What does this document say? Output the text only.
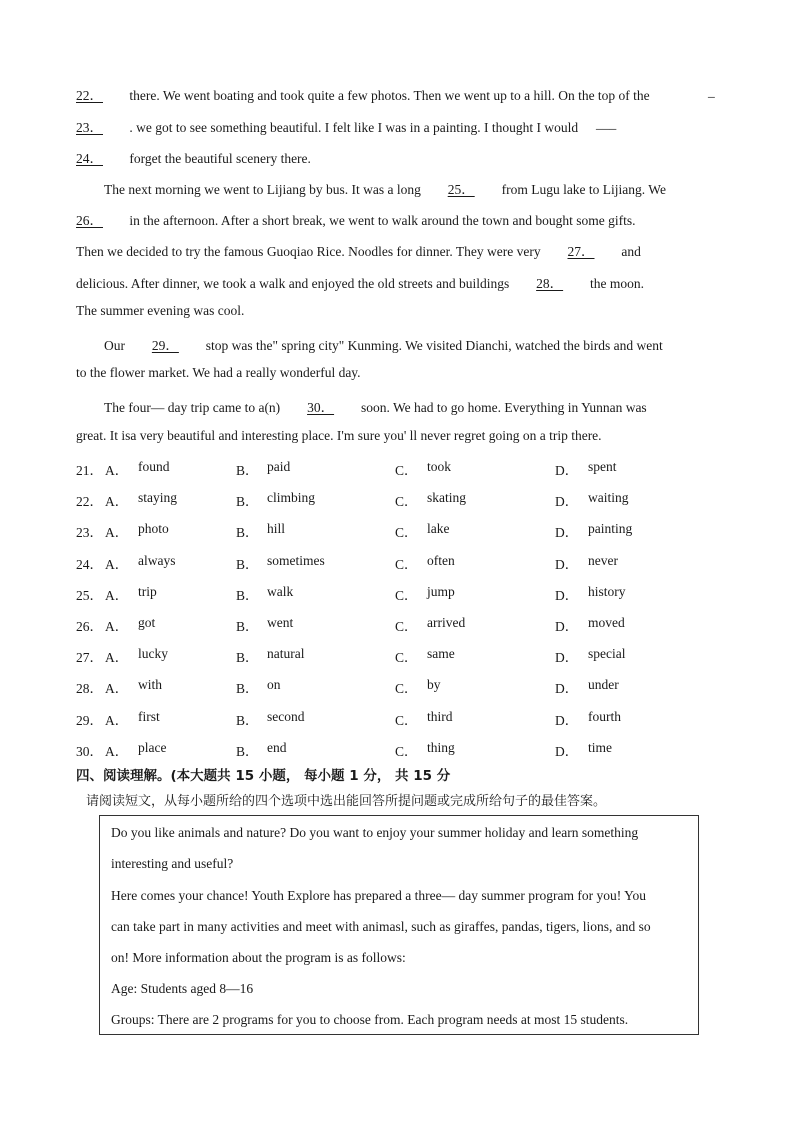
22． there. We went boating and took quite a few photos. Then we went up to a hill. On the top of the	_
23． . we got to see something beautiful. I felt like I was in a painting. I thought I would ___
24． forget the beautiful scenery there.
The next morning we went to Lijiang by bus. It was a long 25． from Lugu lake to Lijiang. We
26． in the afternoon. After a short break, we went to walk around the town and bought some gifts.
Then we decided to try the famous Guoqiao Rice. Noodles for dinner. They were very 27． and
delicious. After dinner, we took a walk and enjoyed the old streets and buildings 28． the moon.
The summer evening was cool.
Our 29． stop was the" spring city" Kunming. We visited Dianchi, watched the birds and went
to the flower market. We had a really wonderful day.
The four— day trip came to a(n) 30． soon. We had to go home. Everything in Yunnan was
great. It isa very beautiful and interesting place. I'm sure you' ll never regret going on a trip there.
21． A． found	B． paid	C． took	D． spent
22． A． staying	B． climbing	C． skating	D． waiting
23． A． photo	B． hill	C． lake	D． painting
24． A． always	B． sometimes	C． often	D． never
25． A． trip	B． walk	C． jump	D． history
26． A． got	B． went	C． arrived	D． moved
27． A． lucky	B． natural	C． same	D． special
28． A． with	B． on	C． by	D． under
29． A． first	B． second	C． third	D． fourth
30． A． place	B． end	C． thing	D． time
四、阅读理解。(本大题共 15 小题， 每小题 1 分， 共 15 分
请阅读短文，从每小题所给的四个选项中选出能回答所提问题或完成所给句子的最佳答案。
Do you like animals and nature? Do you want to enjoy your summer holiday and learn something
interesting and useful?
Here comes your chance! Youth Explore has prepared a three— day summer program for you! You
can take part in many activities and meet with animasl, such as giraffes, pandas, tigers, lions, and so
on! More information about the program is as follows:
Age: Students aged 8—16
Groups: There are 2 programs for you to choose from. Each program needs at most 15 students.
